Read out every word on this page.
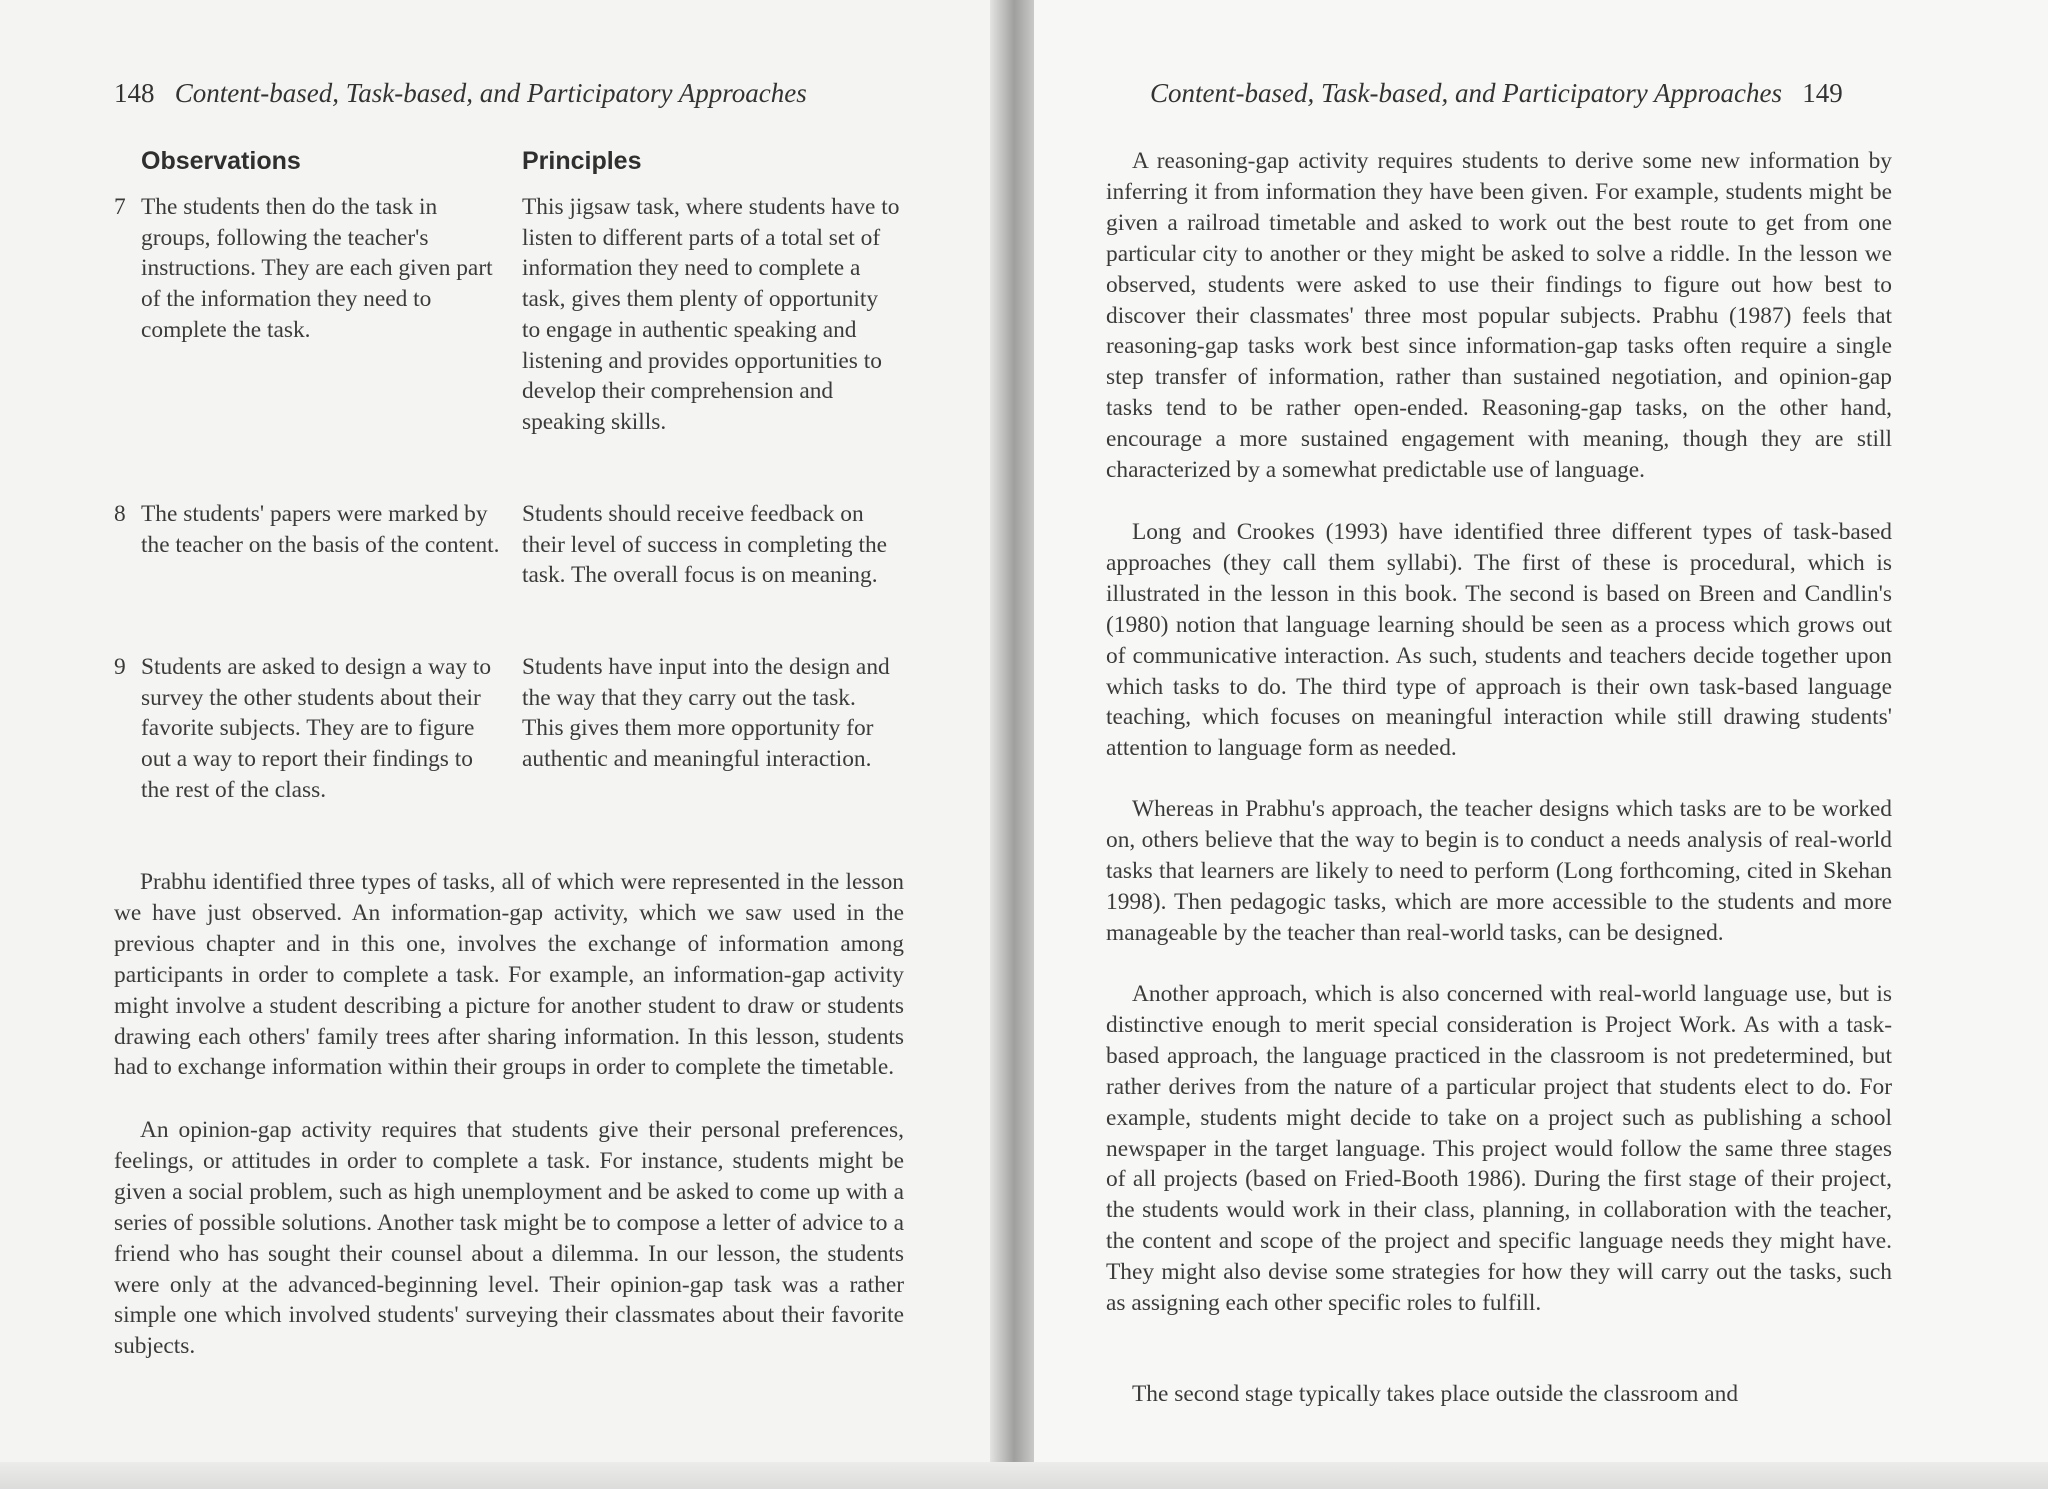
148 Content-based, Task-based, and Participatory Approaches
Observations	Principles
7 The students then do the task in groups, following the teacher's instructions. They are each given part of the information they need to complete the task.
This jigsaw task, where students have to listen to different parts of a total set of information they need to complete a task, gives them plenty of opportunity to engage in authentic speaking and listening and provides opportunities to develop their comprehension and speaking skills.
8 The students' papers were marked by the teacher on the basis of the content.
Students should receive feedback on their level of success in completing the task. The overall focus is on meaning.
9 Students are asked to design a way to survey the other students about their favorite subjects. They are to figure out a way to report their findings to the rest of the class.
Students have input into the design and the way that they carry out the task. This gives them more opportunity for authentic and meaningful interaction.

Prabhu identified three types of tasks, all of which were represented in the lesson we have just observed. An information-gap activity, which we saw used in the previous chapter and in this one, involves the exchange of information among participants in order to complete a task. For example, an information-gap activity might involve a student describing a picture for another student to draw or students drawing each others' family trees after sharing information. In this lesson, students had to exchange information within their groups in order to complete the timetable.

An opinion-gap activity requires that students give their personal preferences, feelings, or attitudes in order to complete a task. For instance, students might be given a social problem, such as high unemployment and be asked to come up with a series of possible solutions. Another task might be to compose a letter of advice to a friend who has sought their counsel about a dilemma. In our lesson, the students were only at the advanced-beginning level. Their opinion-gap task was a rather simple one which involved students' surveying their classmates about their favorite subjects.

Content-based, Task-based, and Participatory Approaches 149

A reasoning-gap activity requires students to derive some new information by inferring it from information they have been given. For example, students might be given a railroad timetable and asked to work out the best route to get from one particular city to another or they might be asked to solve a riddle. In the lesson we observed, students were asked to use their findings to figure out how best to discover their classmates' three most popular subjects. Prabhu (1987) feels that reasoning-gap tasks work best since information-gap tasks often require a single step transfer of information, rather than sustained negotiation, and opinion-gap tasks tend to be rather open-ended. Reasoning-gap tasks, on the other hand, encourage a more sustained engagement with meaning, though they are still characterized by a somewhat predictable use of language.

Long and Crookes (1993) have identified three different types of task-based approaches (they call them syllabi). The first of these is procedural, which is illustrated in the lesson in this book. The second is based on Breen and Candlin's (1980) notion that language learning should be seen as a process which grows out of communicative interaction. As such, students and teachers decide together upon which tasks to do. The third type of approach is their own task-based language teaching, which focuses on meaningful interaction while still drawing students' attention to language form as needed.

Whereas in Prabhu's approach, the teacher designs which tasks are to be worked on, others believe that the way to begin is to conduct a needs analysis of real-world tasks that learners are likely to need to perform (Long forthcoming, cited in Skehan 1998). Then pedagogic tasks, which are more accessible to the students and more manageable by the teacher than real-world tasks, can be designed.

Another approach, which is also concerned with real-world language use, but is distinctive enough to merit special consideration is Project Work. As with a task-based approach, the language practiced in the classroom is not predetermined, but rather derives from the nature of a particular project that students elect to do. For example, students might decide to take on a project such as publishing a school newspaper in the target language. This project would follow the same three stages of all projects (based on Fried-Booth 1986). During the first stage of their project, the students would work in their class, planning, in collaboration with the teacher, the content and scope of the project and specific language needs they might have. They might also devise some strategies for how they will carry out the tasks, such as assigning each other specific roles to fulfill.

The second stage typically takes place outside the classroom and
